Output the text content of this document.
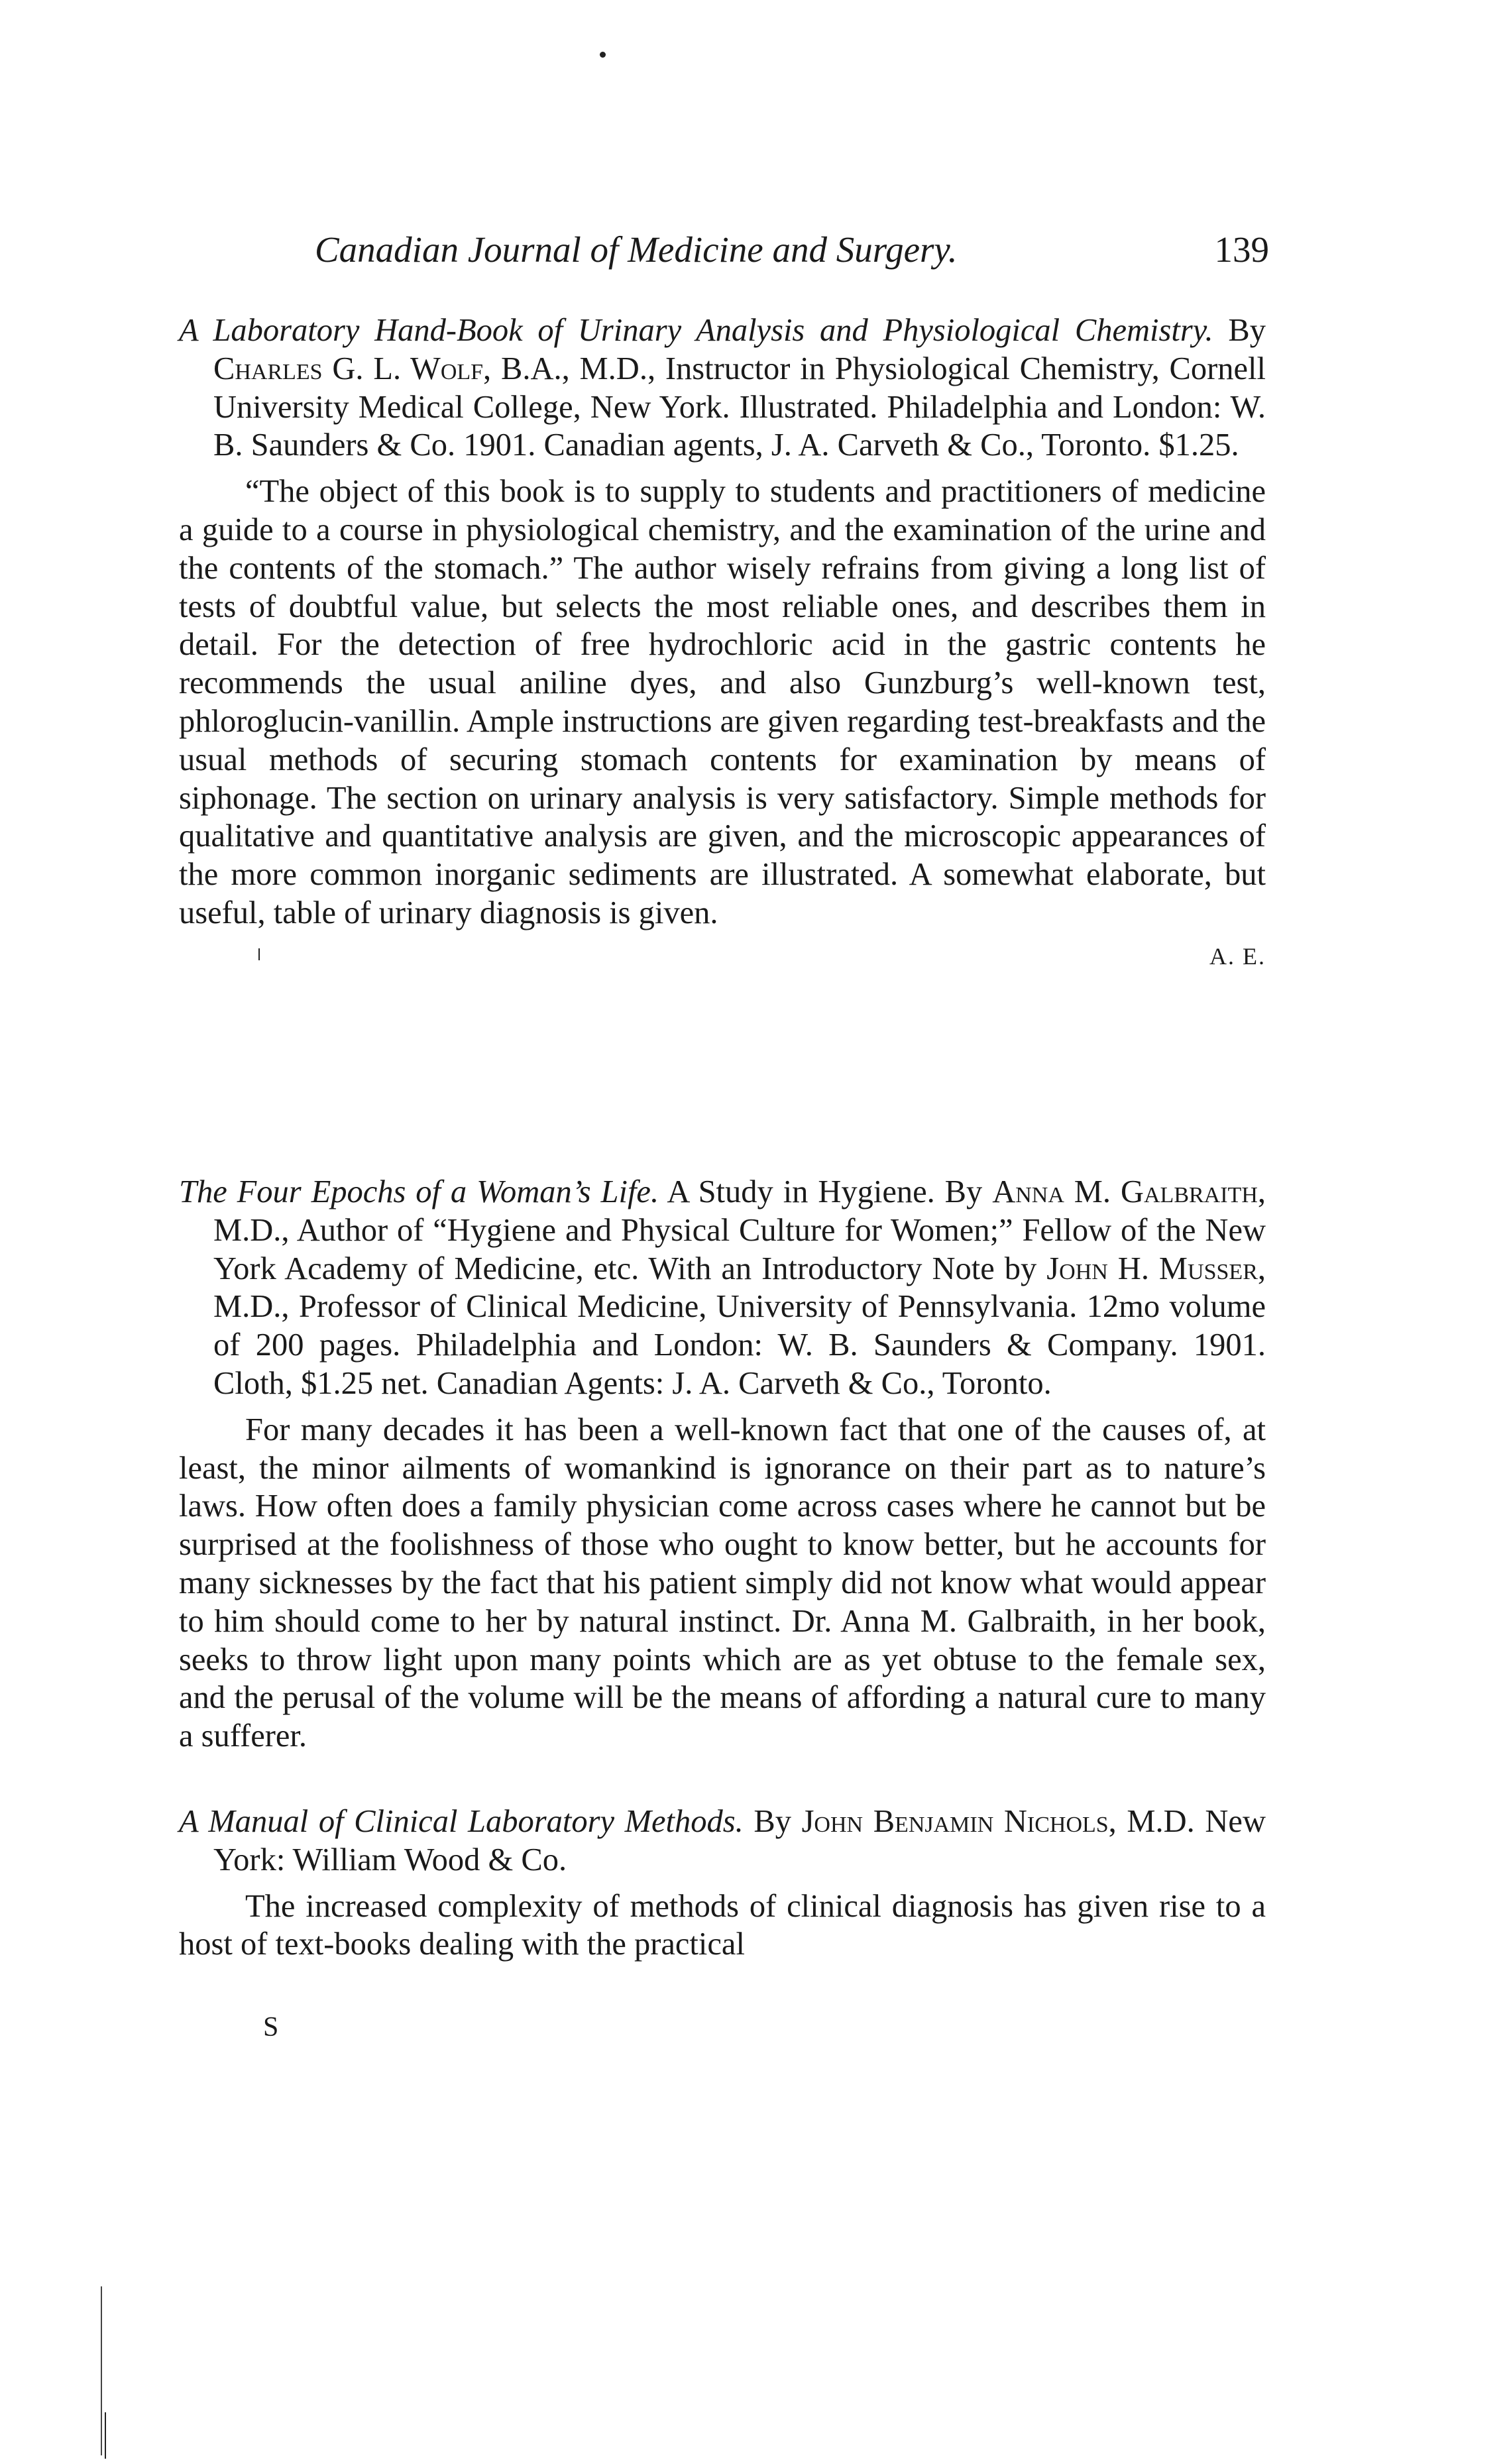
Canadian Journal of Medicine and Surgery.	139
A Laboratory Hand-Book of Urinary Analysis and Physiological Chemistry. By Charles G. L. Wolf, B.A., M.D., Instructor in Physiological Chemistry, Cornell University Medical College, New York. Illustrated. Philadelphia and London: W. B. Saunders & Co. 1901. Canadian agents, J. A. Carveth & Co., Toronto. $1.25.
“The object of this book is to supply to students and practitioners of medicine a guide to a course in physiological chemistry, and the examination of the urine and the contents of the stomach.” The author wisely refrains from giving a long list of tests of doubtful value, but selects the most reliable ones, and describes them in detail. For the detection of free hydrochloric acid in the gastric contents he recommends the usual aniline dyes, and also Gunzburg’s well-known test, phloroglucin-vanillin. Ample instructions are given regarding test-breakfasts and the usual methods of securing stomach contents for examination by means of siphonage. The section on urinary analysis is very satisfactory. Simple methods for qualitative and quantitative analysis are given, and the microscopic appearances of the more common inorganic sediments are illustrated. A somewhat elaborate, but useful, table of urinary diagnosis is given.
A. E.
The Four Epochs of a Woman’s Life. A Study in Hygiene. By Anna M. Galbraith, M.D., Author of “Hygiene and Physical Culture for Women;” Fellow of the New York Academy of Medicine, etc. With an Introductory Note by John H. Musser, M.D., Professor of Clinical Medicine, University of Pennsylvania. 12mo volume of 200 pages. Philadelphia and London: W. B. Saunders & Company. 1901. Cloth, $1.25 net. Canadian Agents: J. A. Carveth & Co., Toronto.
For many decades it has been a well-known fact that one of the causes of, at least, the minor ailments of womankind is ignorance on their part as to nature’s laws. How often does a family physician come across cases where he cannot but be surprised at the foolishness of those who ought to know better, but he accounts for many sicknesses by the fact that his patient simply did not know what would appear to him should come to her by natural instinct. Dr. Anna M. Galbraith, in her book, seeks to throw light upon many points which are as yet obtuse to the female sex, and the perusal of the volume will be the means of affording a natural cure to many a sufferer.
A Manual of Clinical Laboratory Methods. By John Benjamin Nichols, M.D. New York: William Wood & Co.
The increased complexity of methods of clinical diagnosis has given rise to a host of text-books dealing with the practical
S
